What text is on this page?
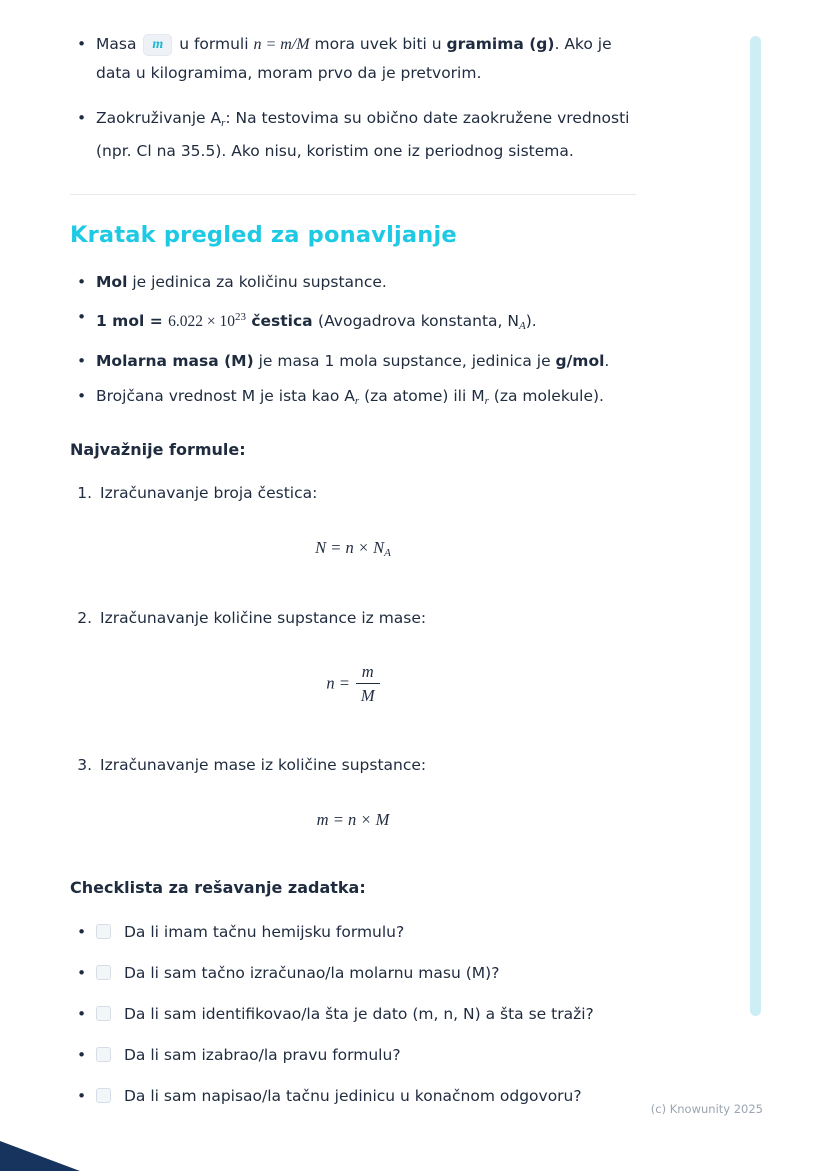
• Masa m u formuli n = m/M mora uvek biti u gramima (g). Ako je data u kilogramima, moram prvo da je pretvorim.
• Zaokruživanje $A_r$: Na testovima su obično date zaokružene vrednosti (npr. Cl na 35.5). Ako nisu, koristim one iz periodnog sistema.
Kratak pregled za ponavljanje
• Mol je jedinica za količinu supstance.
• 1 mol = $6.022 \times 10^{23}$ čestica (Avogadrova konstanta, $N_A$).
• Molarna masa (M) je masa 1 mola supstance, jedinica je g/mol.
• Brojčana vrednost M je ista kao $A_r$ (za atome) ili $M_r$ (za molekule).
Najvažnije formule:
1. Izračunavanje broja čestica:
$N = n \times N_A$
2. Izračunavanje količine supstance iz mase:
$n = \frac{m}{M}$
3. Izračunavanje mase iz količine supstance:
m = n × M
Checklista za rešavanje zadatka:
•	Da li imam tačnu hemijsku formulu?
•	Da li sam tačno izračunao/la molarnu masu (M)?
•	Da li sam identifikovao/la šta je dato (m, n, N) a šta se traži?
•	Da li sam izabrao/la pravu formulu?
•	Da li sam napisao/la tačnu jedinicu u konačnom odgovoru?
(c) Knowunity 2025
